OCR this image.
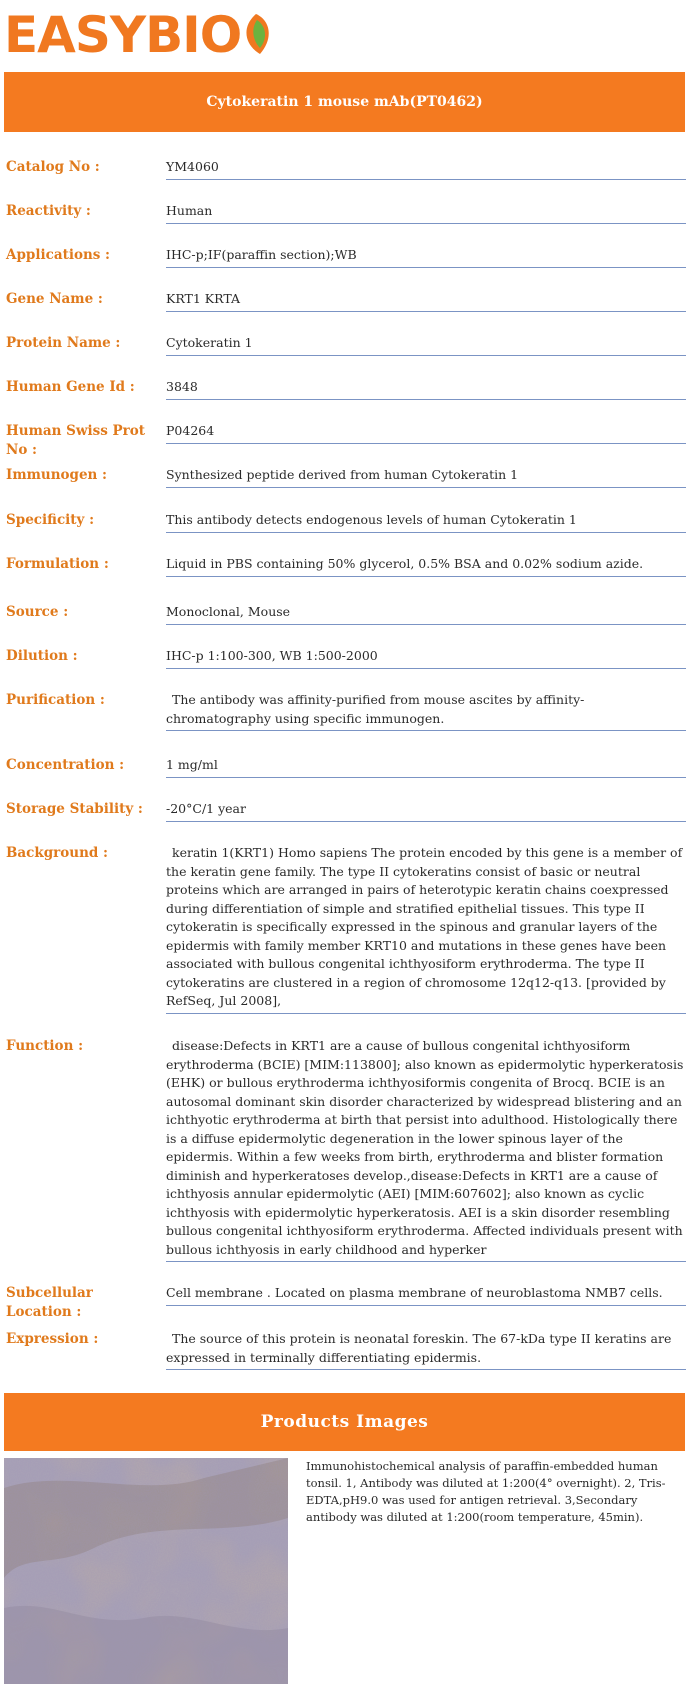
EASYBIO
Cytokeratin 1 mouse mAb(PT0462)
Catalog No :	YM4060
Reactivity :	Human
Applications :	IHC-p;IF(paraffin section);WB
Gene Name :	KRT1 KRTA
Protein Name :	Cytokeratin 1
Human Gene Id :	3848
Human Swiss Prot No :
P04264
Immunogen :	Synthesized peptide derived from human Cytokeratin 1
Specificity :	This antibody detects endogenous levels of human Cytokeratin 1
Formulation :	Liquid in PBS containing 50% glycerol, 0.5% BSA and 0.02% sodium azide.
Source :	Monoclonal, Mouse
Dilution :	IHC-p 1:100-300, WB 1:500-2000
Purification :	The antibody was affinity-purified from mouse ascites by affinity-chromatography using specific immunogen.
Concentration :	1 mg/ml
Storage Stability :	-20°C/1 year
Background :	keratin 1(KRT1) Homo sapiens The protein encoded by this gene is a member of the keratin gene family. The type II cytokeratins consist of basic or neutral proteins which are arranged in pairs of heterotypic keratin chains coexpressed during differentiation of simple and stratified epithelial tissues. This type II cytokeratin is specifically expressed in the spinous and granular layers of the epidermis with family member KRT10 and mutations in these genes have been associated with bullous congenital ichthyosiform erythroderma. The type II cytokeratins are clustered in a region of chromosome 12q12-q13. [provided by RefSeq, Jul 2008],
Function :	disease:Defects in KRT1 are a cause of bullous congenital ichthyosiform erythroderma (BCIE) [MIM:113800]; also known as epidermolytic hyperkeratosis (EHK) or bullous erythroderma ichthyosiformis congenita of Brocq. BCIE is an autosomal dominant skin disorder characterized by widespread blistering and an ichthyotic erythroderma at birth that persist into adulthood. Histologically there is a diffuse epidermolytic degeneration in the lower spinous layer of the epidermis. Within a few weeks from birth, erythroderma and blister formation diminish and hyperkeratoses develop.,disease:Defects in KRT1 are a cause of ichthyosis annular epidermolytic (AEI) [MIM:607602]; also known as cyclic ichthyosis with epidermolytic hyperkeratosis. AEI is a skin disorder resembling bullous congenital ichthyosiform erythroderma. Affected individuals present with bullous ichthyosis in early childhood and hyperker
Subcellular Location :
Cell membrane . Located on plasma membrane of neuroblastoma NMB7 cells.
Expression :	The source of this protein is neonatal foreskin. The 67-kDa type II keratins are expressed in terminally differentiating epidermis.
Products Images
Immunohistochemical analysis of paraffin-embedded human tonsil. 1, Antibody was diluted at 1:200(4° overnight). 2, Tris-EDTA,pH9.0 was used for antigen retrieval. 3,Secondary antibody was diluted at 1:200(room temperature, 45min).
